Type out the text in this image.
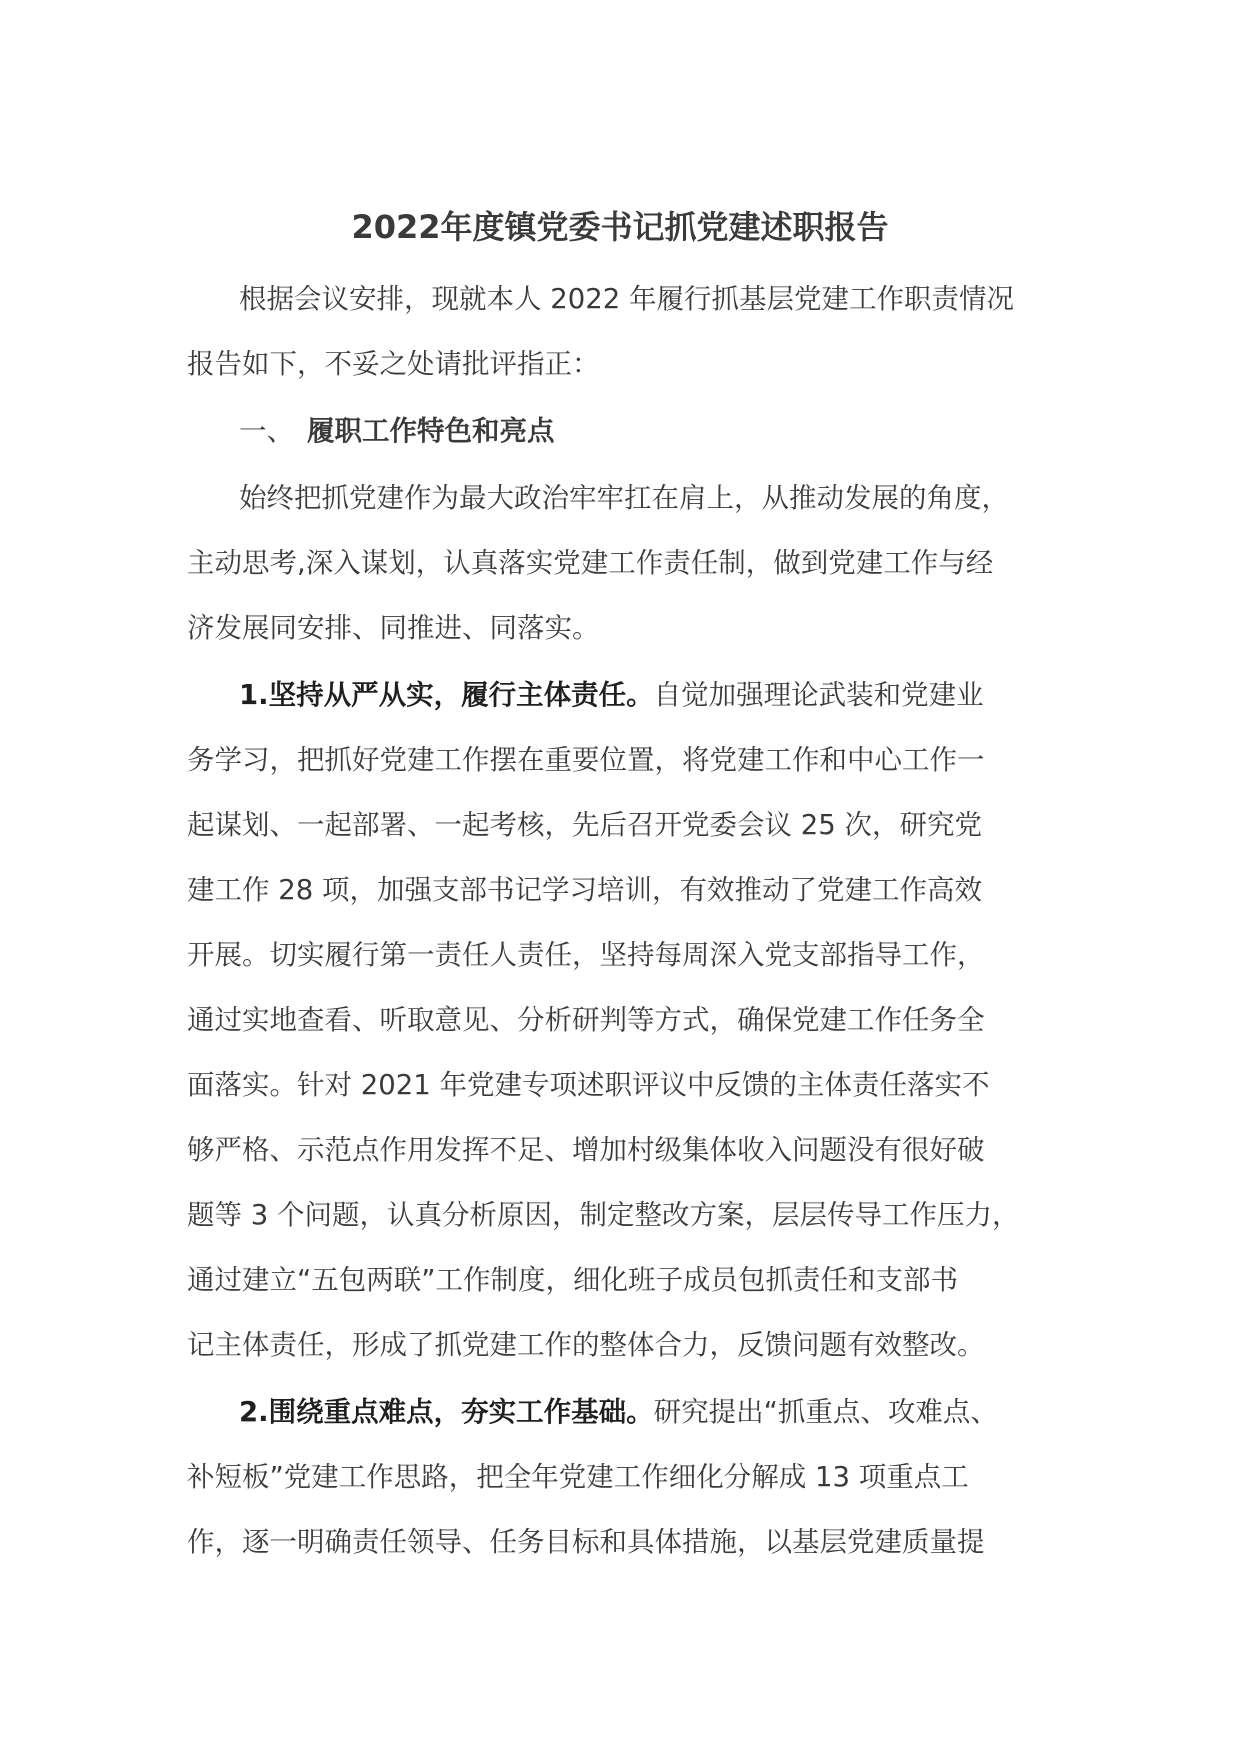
2022年度镇党委书记抓党建述职报告

根据会议安排，现就本人 2022 年履行抓基层党建工作职责情况
报告如下，不妥之处请批评指正：

一、 履职工作特色和亮点

始终把抓党建作为最大政治牢牢扛在肩上，从推动发展的角度，
主动思考,深入谋划，认真落实党建工作责任制，做到党建工作与经
济发展同安排、同推进、同落实。

1.坚持从严从实，履行主体责任。自觉加强理论武装和党建业
务学习，把抓好党建工作摆在重要位置，将党建工作和中心工作一
起谋划、一起部署、一起考核，先后召开党委会议 25 次，研究党
建工作 28 项，加强支部书记学习培训，有效推动了党建工作高效
开展。切实履行第一责任人责任，坚持每周深入党支部指导工作，
通过实地查看、听取意见、分析研判等方式，确保党建工作任务全
面落实。针对 2021 年党建专项述职评议中反馈的主体责任落实不
够严格、示范点作用发挥不足、增加村级集体收入问题没有很好破
题等 3 个问题，认真分析原因，制定整改方案，层层传导工作压力，
通过建立“五包两联”工作制度，细化班子成员包抓责任和支部书
记主体责任，形成了抓党建工作的整体合力，反馈问题有效整改。

2.围绕重点难点，夯实工作基础。研究提出“抓重点、攻难点、
补短板”党建工作思路，把全年党建工作细化分解成 13 项重点工
作，逐一明确责任领导、任务目标和具体措施，以基层党建质量提
